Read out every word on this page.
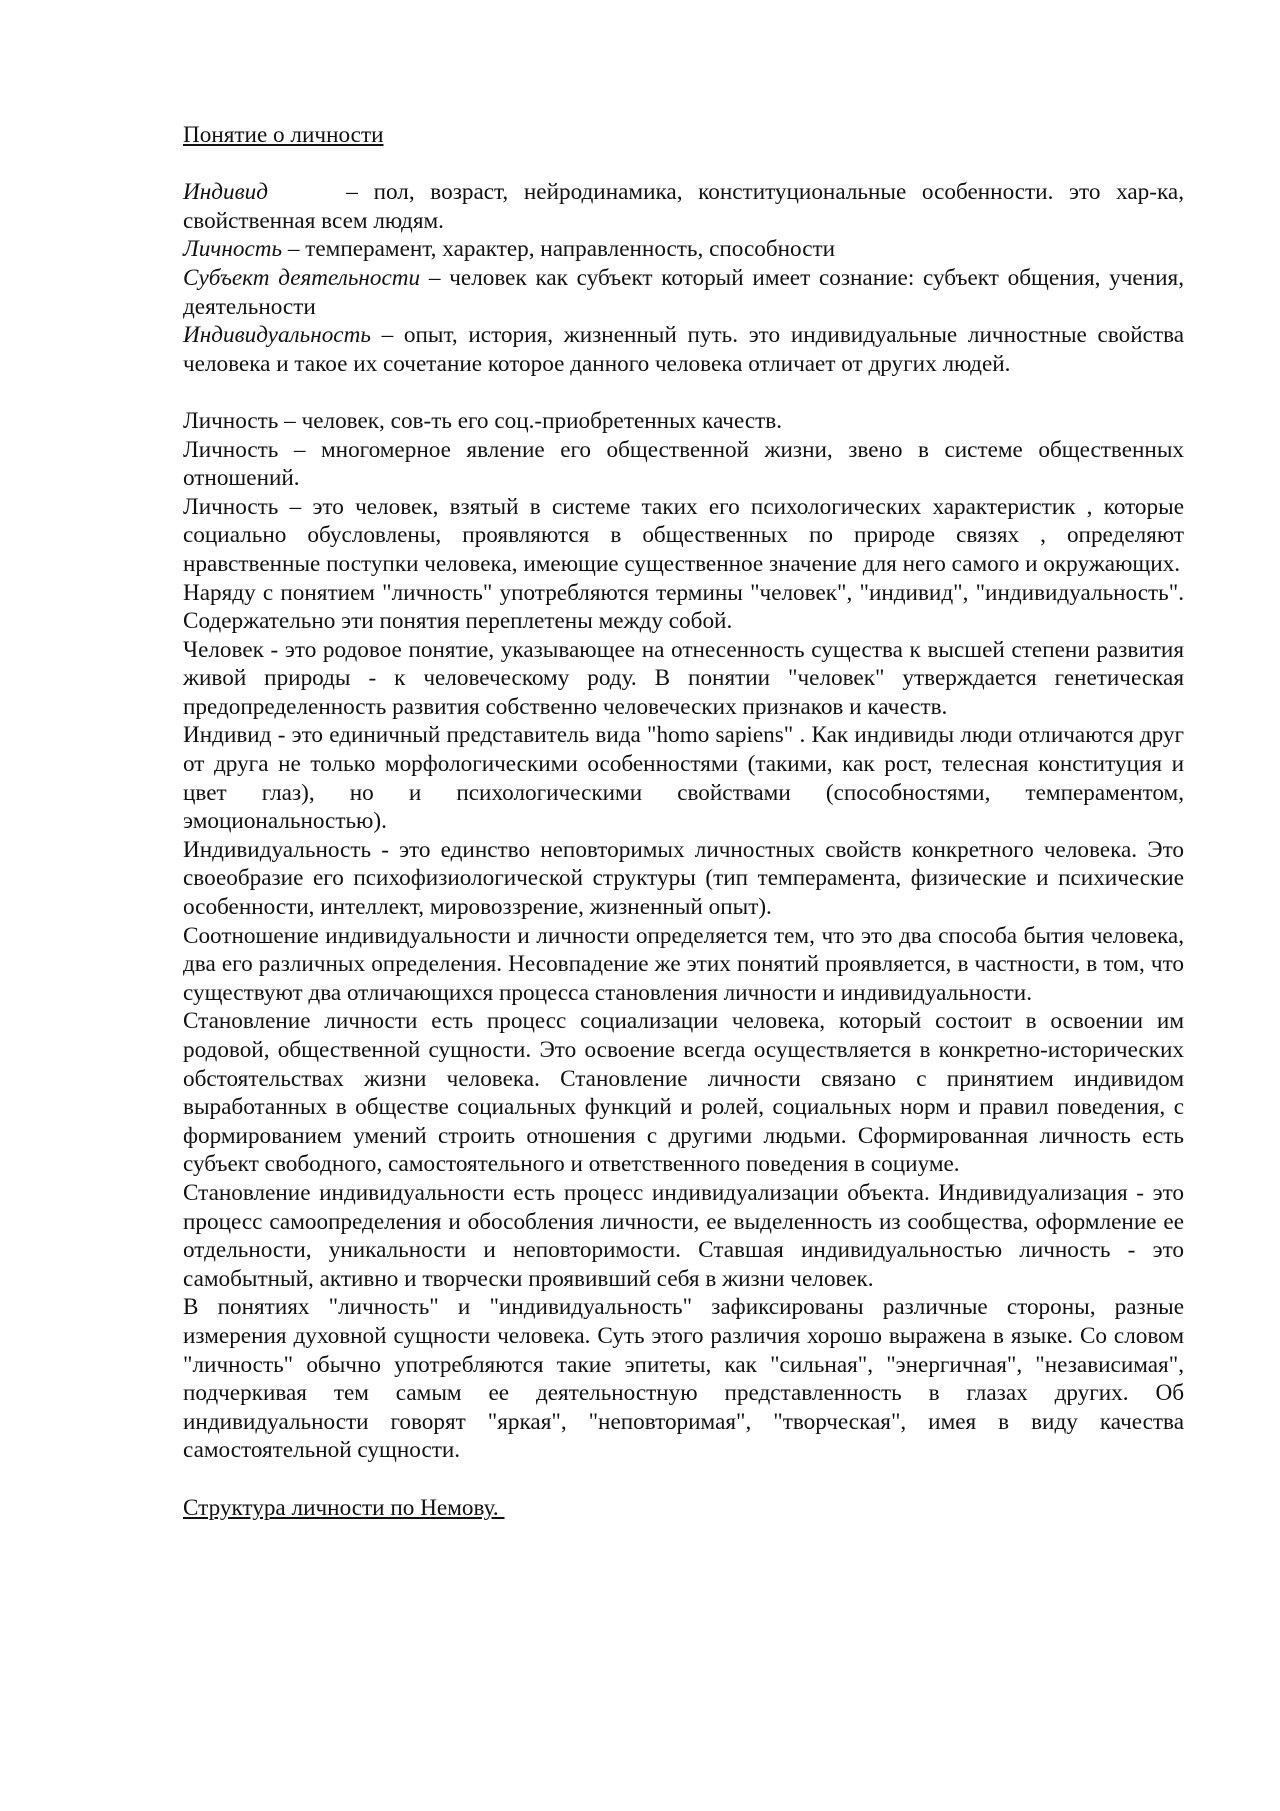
Понятие о личности

Индивид     – пол, возраст, нейродинамика, конституциональные особенности. это хар-ка, свойственная всем людям.

Личность – темперамент, характер, направленность, способности

Субъект деятельности – человек как субъект который имеет сознание: субъект общения, учения, деятельности

Индивидуальность – опыт, история, жизненный путь. это индивидуальные личностные свойства человека и такое их сочетание которое данного человека отличает от других людей.

Личность – человек, сов-ть его соц.-приобретенных качеств.

Личность – многомерное явление его общественной жизни, звено в системе общественных отношений.

Личность – это человек, взятый в системе таких его психологических характеристик , которые социально обусловлены, проявляются в общественных по природе связях , определяют нравственные поступки человека, имеющие существенное значение для него самого и окружающих.

Наряду с понятием "личность" употребляются термины "человек", "индивид", "индивидуальность". Содержательно эти понятия переплетены между собой.

Человек - это родовое понятие, указывающее на отнесенность существа к высшей степени развития живой природы - к человеческому роду. В понятии "человек" утверждается генетическая предопределенность развития собственно человеческих признаков и качеств.

Индивид - это единичный представитель вида "homo sapiens" . Как индивиды люди отличаются друг от друга не только морфологическими особенностями (такими, как рост, телесная конституция и цвет глаз), но и психологическими свойствами (способностями, темпераментом, эмоциональностью).

Индивидуальность - это единство неповторимых личностных свойств конкретного человека. Это своеобразие его психофизиологической структуры (тип темперамента, физические и психические особенности, интеллект, мировоззрение, жизненный опыт).

Соотношение индивидуальности и личности определяется тем, что это два способа бытия человека, два его различных определения. Несовпадение же этих понятий проявляется, в частности, в том, что существуют два отличающихся процесса становления личности и индивидуальности.

Становление личности есть процесс социализации человека, который состоит в освоении им родовой, общественной сущности. Это освоение всегда осуществляется в конкретно-исторических обстоятельствах жизни человека. Становление личности связано с принятием индивидом выработанных в обществе социальных функций и ролей, социальных норм и правил поведения, с формированием умений строить отношения с другими людьми. Сформированная личность есть субъект свободного, самостоятельного и ответственного поведения в социуме.

Становление индивидуальности есть процесс индивидуализации объекта. Индивидуализация - это процесс самоопределения и обособления личности, ее выделенность из сообщества, оформление ее отдельности, уникальности и неповторимости. Ставшая индивидуальностью личность - это самобытный, активно и творчески проявивший себя в жизни человек.

В понятиях "личность" и "индивидуальность" зафиксированы различные стороны, разные измерения духовной сущности человека. Суть этого различия хорошо выражена в языке. Со словом "личность" обычно употребляются такие эпитеты, как "сильная", "энергичная", "независимая", подчеркивая тем самым ее деятельностную представленность в глазах других. Об индивидуальности говорят "яркая", "неповторимая", "творческая", имея в виду качества самостоятельной сущности.

Структура личности по Немову.
